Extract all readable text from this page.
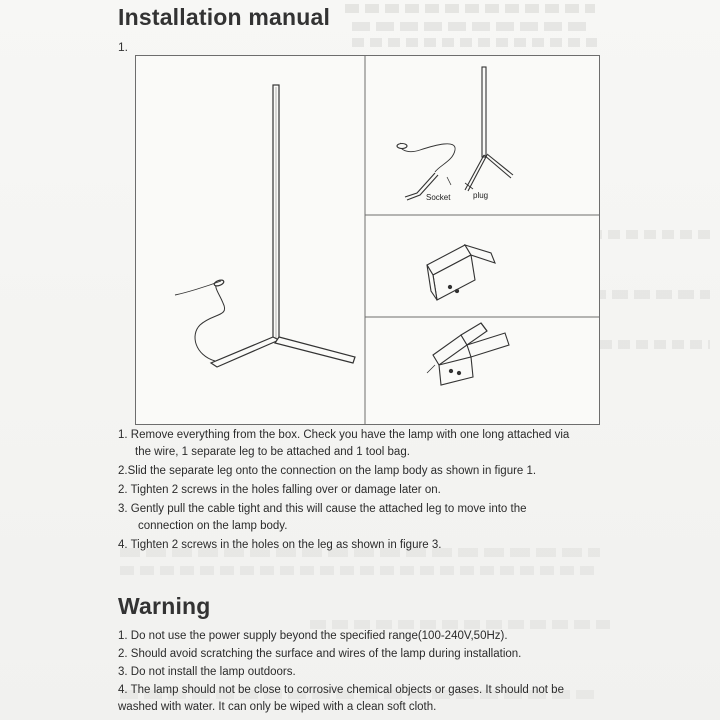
Installation manual
1.
Socket	plug
1. Remove everything from the box. Check you have the lamp with one long attached via
the wire, 1 separate leg to be attached and 1 tool bag.
2.Slid the separate leg onto the connection on the lamp body as shown in figure 1.
2. Tighten 2 screws in the holes falling over or damage later on.
3. Gently pull the cable tight and this will cause the attached leg to move into the
connection on the lamp body.
4. Tighten 2 screws in the holes on the leg as shown in figure 3.
Warning
1. Do not use the power supply beyond the specified range(100-240V,50Hz).
2. Should avoid scratching the surface and wires of the lamp during installation.
3. Do not install the lamp outdoors.
4. The lamp should not be close to corrosive chemical objects or gases. It should not be
washed with water. It can only be wiped with a clean soft cloth.
